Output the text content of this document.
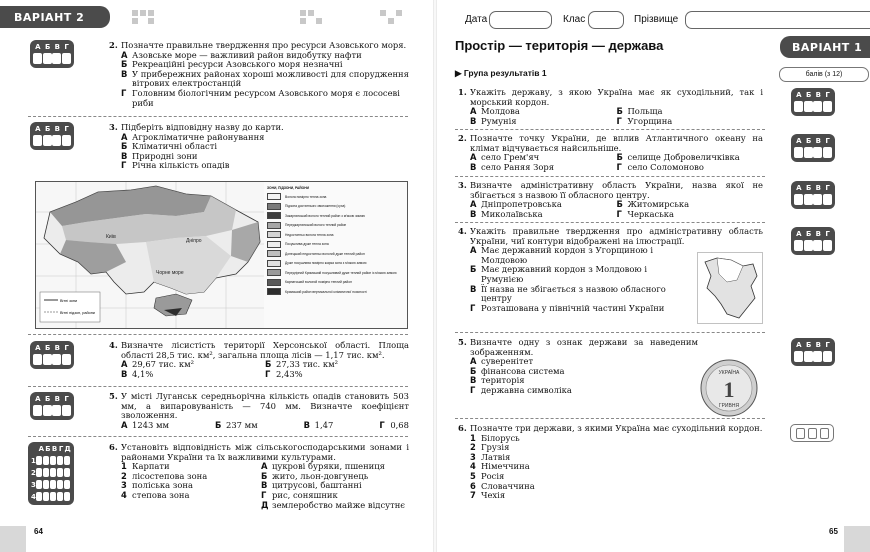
ВАРІАНТ 2
А Б В Г
А Б В Г
А Б В Г
А Б В Г
А Б В Г Д
1
2
3
4
2. Позначте правильне твердження про ресурси Азовського моря.
А Азовське море — важливий район видобутку нафти
Б Рекреаційні ресурси Азовського моря незначні
В У прибережних районах хороші можливості для спорудження вітрових електростанцій
Г Головним біологічним ресурсом Азовського моря є лососеві риби
3. Підберіть відповідну назву до карти.
А Агрокліматичне районування
Б Кліматичні області
В Природні зони
Г Річна кількість опадів
Дніпро
Київ
Чорне море
Вітні зони
Вітні підзон, райони
ЗОНИ, ПІДЗОНИ, РАЙОНИ
Волога помірно тепла зона
Підзона достатнього зволоження (суха)
Закарпатський волого теплий район з м'якою зимою
Передкарпатський волого теплий район
Недостатньо волога тепла зона
Посушлива дуже тепла зона
Донецький недостатньо вологий дуже теплий район
Дуже посушлива помірно жарка зона з м'якою зимою
Передгірний Кримський посушливий дуже теплий район із м'якою зимою
Карпатський вологий помірно теплий район
Кримський район вертикальної кліматичної поясності
4. Визначте лісистість території Херсонської області. Площа області 28,5 тис. км², загальна площа лісів — 1,17 тис. км².
А 29,67 тис. км²	Б 27,33 тис. км²
В 4,1%	Г 2,43%
5. У місті Луганськ середньорічна кількість опадів становить 503 мм, а випаровуваність — 740 мм. Визначте коефіцієнт зволоження.
А 1243 мм	Б 237 мм	В 1,47	Г 0,68
6. Установіть відповідність між сільськогосподарськими зонами і районами України та їх важливими культурами.
1 Карпати
2 лісостепова зона
3 поліська зона
4 степова зона
А цукрові буряки, пшениця
Б жито, льон-довгунець
В цитрусові, баштанні
Г рис, соняшник
Д землеробство майже відсутнє
64
Дата	Клас	Прізвище
Простір — територія — держава	ВАРІАНТ 1
балів (з 12)
▶ Група результатів 1
А Б В Г
А Б В Г
А Б В Г
А Б В Г
А Б В Г
1. Укажіть державу, з якою Україна має як суходільний, так і морський кордон.
А Молдова	Б Польща
В Румунія	Г Угорщина
2. Позначте точку України, де вплив Атлантичного океану на клімат відчувається найсильніше.
А село Грем'яч	Б селище Добровеличківка
В село Раняя Зоря	Г село Соломоново
3. Визначте адміністративну область України, назва якої не збігається з назвою її обласного центру.
А Дніпропетровська	Б Житомирська
В Миколаївська	Г Черкаська
4. Укажіть правильне твердження про адміністративну область України, чиї контури відображені на ілюстрації.
А Має державний кордон з Угорщиною і Молдовою
Б Має державний кордон з Молдовою і Румунією
В Її назва не збігається з назвою обласного центру
Г Розташована у північній частині України
5. Визначте одну з ознак держави за наведеним зображенням.
А суверенітет
Б фінансова система
В територія
Г державна символіка
УКРАЇНА
1
ГРИВНЯ
6. Позначте три держави, з якими Україна має суходільний кордон.
1 Білорусь
2 Грузія
3 Латвія
4 Німеччина
5 Росія
6 Словаччина
7 Чехія
65
